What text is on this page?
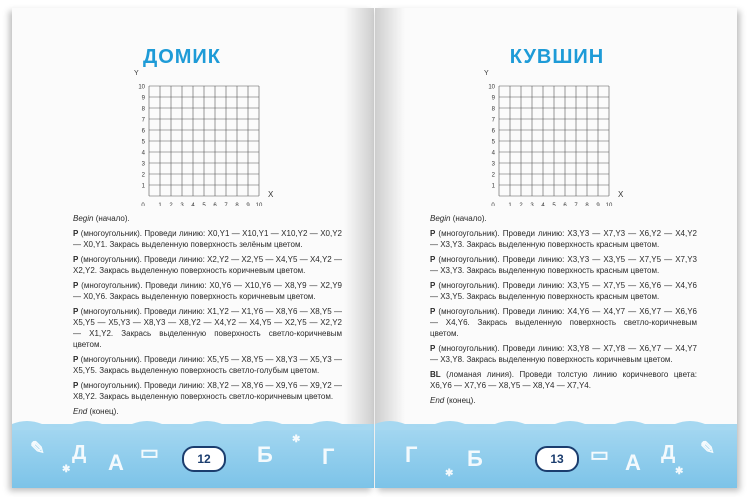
ДОМИК
Y
X
10
9
8
7
6
5
4
3
2
1
0 1 2 3 4 5 6 7 8 9 10

Begin (начало).

P (многоугольник). Проведи линию: X0,Y1 — X10,Y1 — X10,Y2 — X0,Y2 — X0,Y1. Закрась выделенную поверхность зелёным цветом.

P (многоугольник). Проведи линию: X2,Y2 — X2,Y5 — X4,Y5 — X4,Y2 — X2,Y2. Закрась выделенную поверхность коричневым цветом.

P (многоугольник). Проведи линию: X0,Y6 — X10,Y6 — X8,Y9 — X2,Y9 — X0,Y6. Закрась выделенную поверхность коричневым цветом.

P (многоугольник). Проведи линию: X1,Y2 — X1,Y6 — X8,Y6 — X8,Y5 — X5,Y5 — X5,Y3 — X8,Y3 — X8,Y2 — X4,Y2 — X4,Y5 — X2,Y5 — X2,Y2 — X1,Y2. Закрась выделенную поверхность светло-коричневым цветом.

P (многоугольник). Проведи линию: X5,Y5 — X8,Y5 — X8,Y3 — X5,Y3 — X5,Y5. Закрась выделенную поверхность светло-голубым цветом.

P (многоугольник). Проведи линию: X8,Y2 — X8,Y6 — X9,Y6 — X9,Y2 — X8,Y2. Закрась выделенную поверхность светло-коричневым цветом.

End (конец).

✎ Д А ▭	Б Г
✱
✱
12
КУВШИН
Y
X
10
9
8
7
6
5
4
3
2
1
0 1 2 3 4 5 6 7 8 9 10

Begin (начало).

P (многоугольник). Проведи линию: X3,Y3 — X7,Y3 — X6,Y2 — X4,Y2 — X3,Y3. Закрась выделенную поверхность красным цветом.

P (многоугольник). Проведи линию: X3,Y3 — X3,Y5 — X7,Y5 — X7,Y3 — X3,Y3. Закрась выделенную поверхность красным цветом.

P (многоугольник). Проведи линию: X3,Y5 — X7,Y5 — X6,Y6 — X4,Y6 — X3,Y5. Закрась выделенную поверхность красным цветом.

P (многоугольник). Проведи линию: X4,Y6 — X4,Y7 — X6,Y7 — X6,Y6 — X4,Y6. Закрась выделенную поверхность светло-коричневым цветом.

P (многоугольник). Проведи линию: X3,Y8 — X7,Y8 — X6,Y7 — X4,Y7 — X3,Y8. Закрась выделенную поверхность коричневым цветом.

BL (ломаная линия). Проведи толстую линию коричневого цвета: X6,Y6 — X7,Y6 — X8,Y5 — X8,Y4 — X7,Y4.

End (конец).

Г Б	▭ А Д ✎
✱	✱
13
